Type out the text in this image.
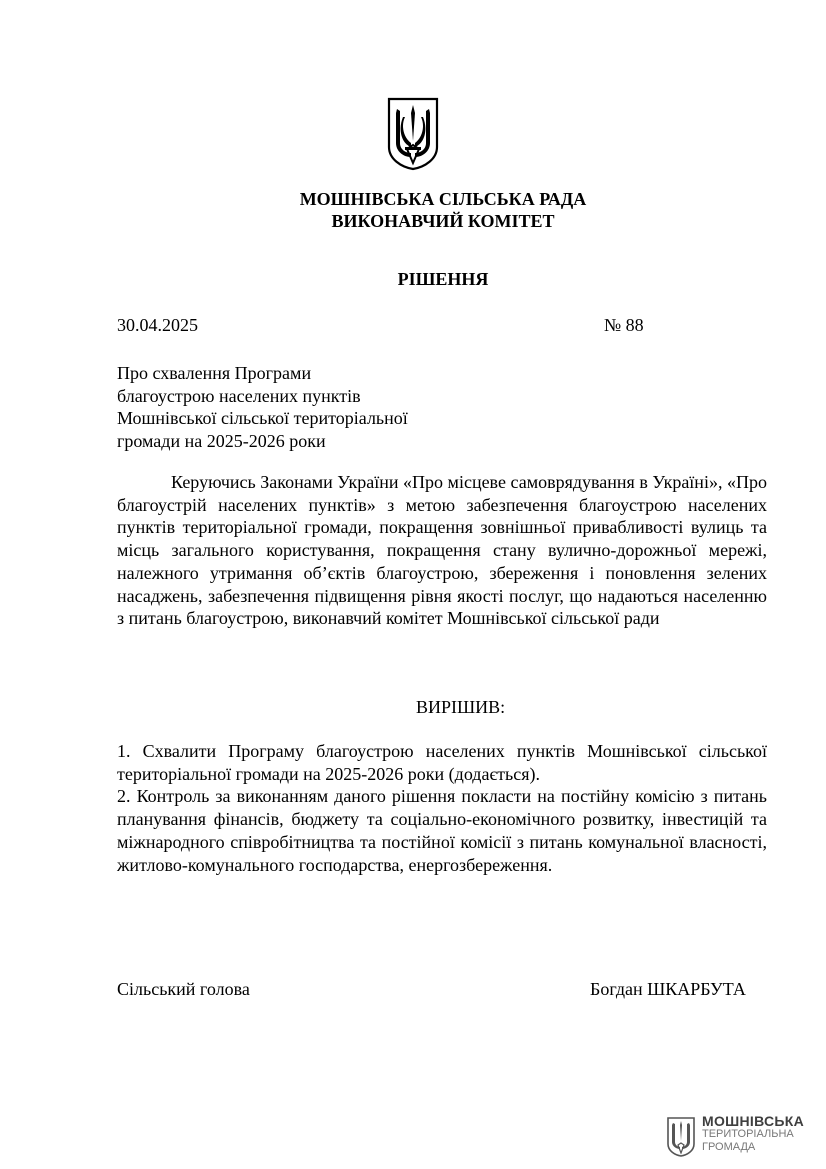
МОШНІВСЬКА СІЛЬСЬКА РАДА
ВИКОНАВЧИЙ КОМІТЕТ
РІШЕННЯ
30.04.2025	№ 88
Про схвалення Програми
благоустрою населених пунктів
Мошнівської сільської територіальної
громади на 2025-2026 роки

Керуючись Законами України «Про місцеве самоврядування в Україні», «Про благоустрій населених пунктів» з метою забезпечення благоустрою населених пунктів територіальної громади, покращення зовнішньої привабливості вулиць та місць загального користування, покращення стану вулично-дорожньої мережі, належного утримання об’єктів благоустрою, збереження і поновлення зелених насаджень, забезпечення підвищення рівня якості послуг, що надаються населенню з питань благоустрою, виконавчий комітет Мошнівської сільської ради

ВИРІШИВ:

1. Схвалити Програму благоустрою населених пунктів Мошнівської сільської територіальної громади на 2025-2026 роки (додається).

2. Контроль за виконанням даного рішення покласти на постійну комісію з питань планування фінансів, бюджету та соціально-економічного розвитку, інвестицій та міжнародного співробітництва та постійної комісії з питань комунальної власності, житлово-комунального господарства, енергозбереження.

Сільський голова	Богдан ШКАРБУТА
МОШНІВСЬКА
ТЕРИТОРІАЛЬНА
ГРОМАДА
